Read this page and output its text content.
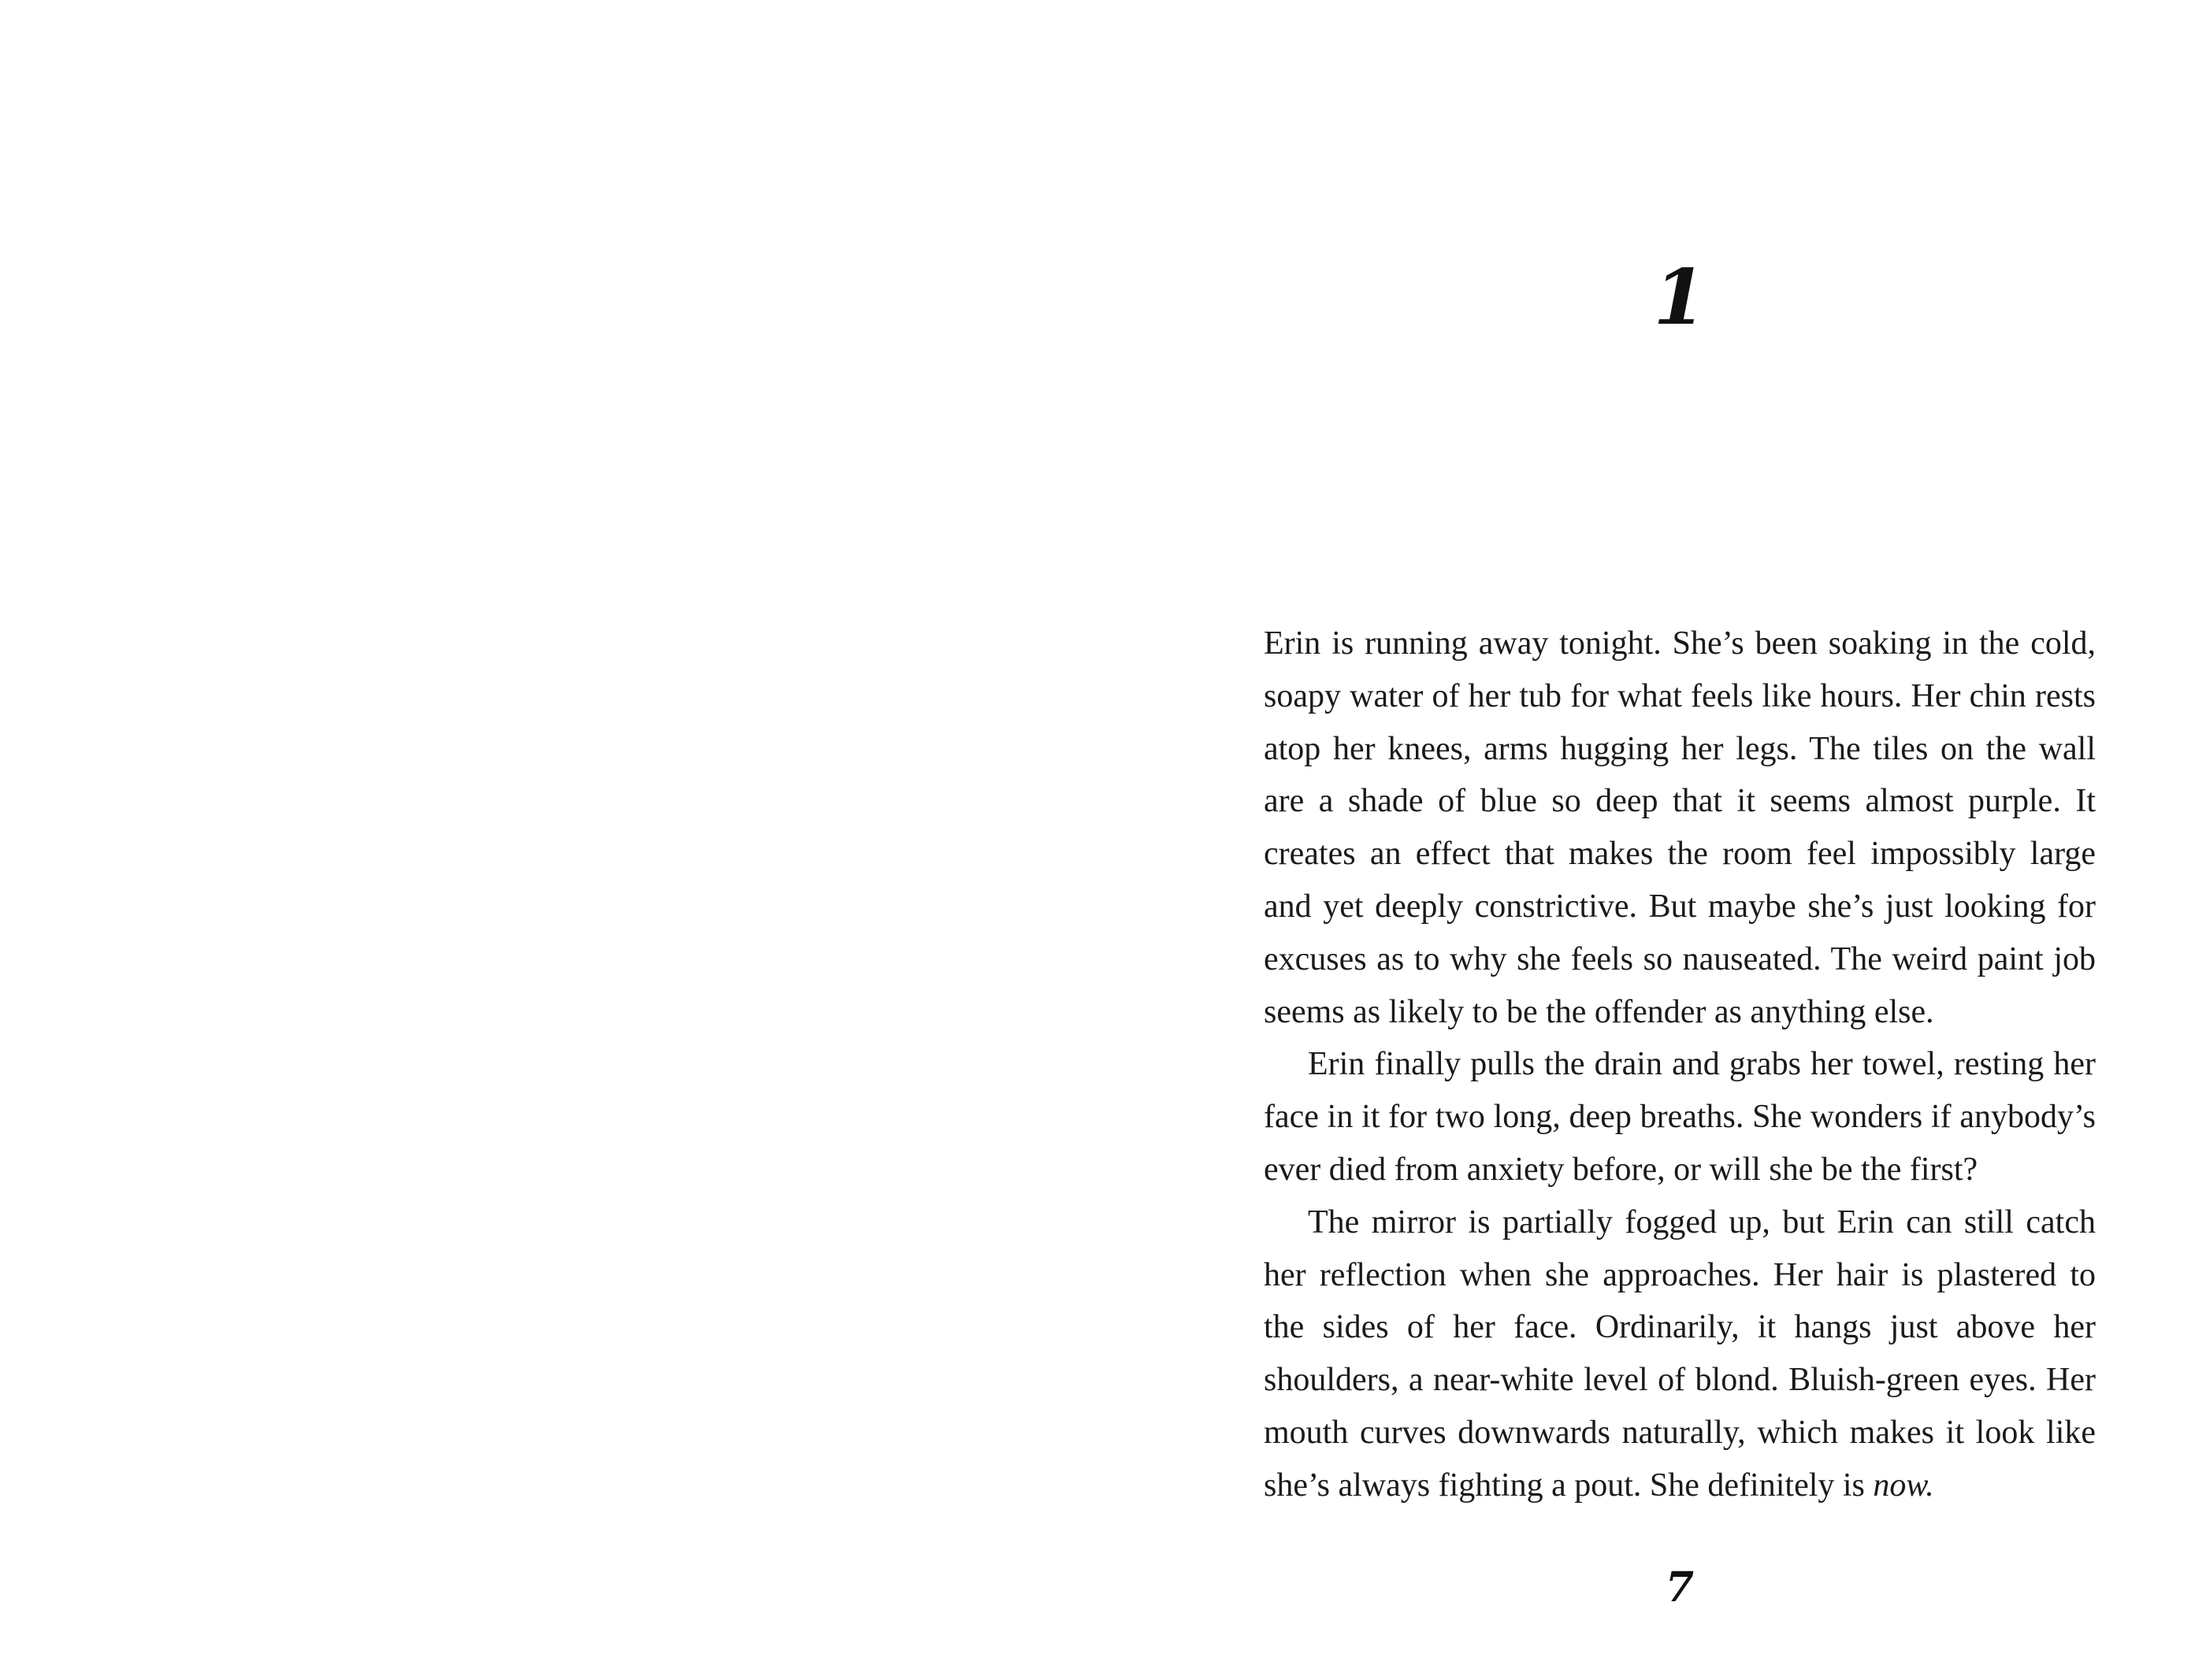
1

Erin is running away tonight. She’s been soaking in the cold, soapy water of her tub for what feels like hours. Her chin rests atop her knees, arms hugging her legs. The tiles on the wall are a shade of blue so deep that it seems almost purple. It creates an effect that makes the room feel impossibly large and yet deeply constrictive. But maybe she’s just looking for excuses as to why she feels so nauseated. The weird paint job seems as likely to be the offender as anything else.

Erin finally pulls the drain and grabs her towel, resting her face in it for two long, deep breaths. She wonders if anybody’s ever died from anxiety before, or will she be the first?

The mirror is partially fogged up, but Erin can still catch her reflection when she approaches. Her hair is plastered to the sides of her face. Ordinarily, it hangs just above her shoulders, a near-white level of blond. Bluish-green eyes. Her mouth curves downwards naturally, which makes it look like she’s always fighting a pout. She definitely is now.

7
